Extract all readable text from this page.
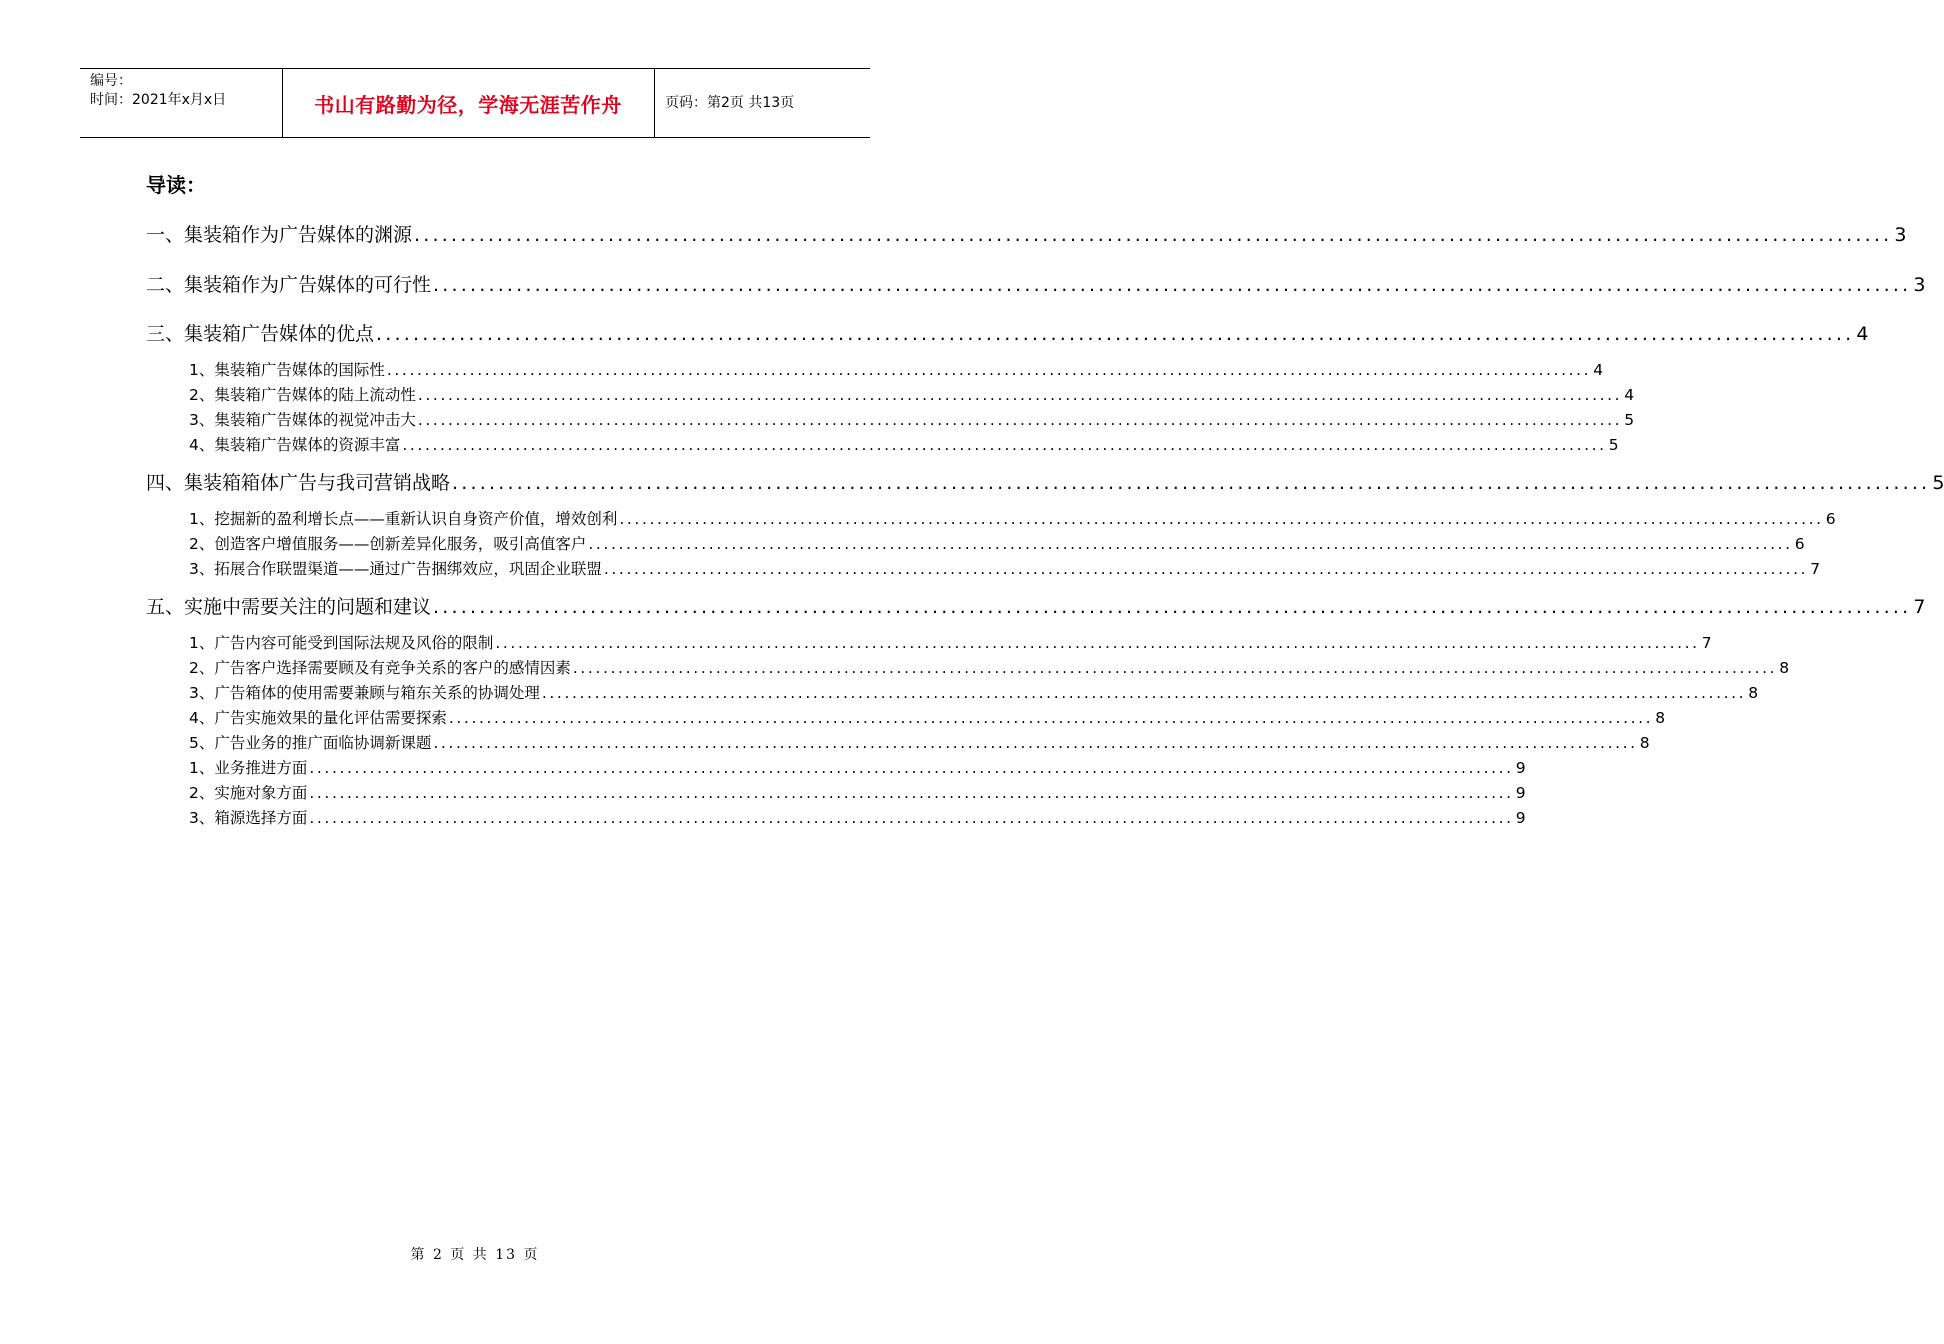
编号：
时间：2021年x月x日	书山有路勤为径，学海无涯苦作舟	页码：第2页 共13页
导读：
一、集装箱作为广告媒体的渊源 ................................................................................................................................................................ 3
二、集装箱作为广告媒体的可行性 ................................................................................................................................................................ 3
三、集装箱广告媒体的优点 ................................................................................................................................................................ 4
1、集装箱广告媒体的国际性 ................................................................................................................................................................ 4
2、集装箱广告媒体的陆上流动性 ................................................................................................................................................................ 4
3、集装箱广告媒体的视觉冲击大 ................................................................................................................................................................ 5
4、集装箱广告媒体的资源丰富 ................................................................................................................................................................ 5
四、集装箱箱体广告与我司营销战略 ................................................................................................................................................................ 5
1、挖掘新的盈利增长点——重新认识自身资产价值，增效创利 ................................................................................................................................................................ 6
2、创造客户增值服务——创新差异化服务，吸引高值客户 ................................................................................................................................................................ 6
3、拓展合作联盟渠道——通过广告捆绑效应，巩固企业联盟 ................................................................................................................................................................ 7
五、实施中需要关注的问题和建议 ................................................................................................................................................................ 7
1、广告内容可能受到国际法规及风俗的限制 ................................................................................................................................................................ 7
2、广告客户选择需要顾及有竞争关系的客户的感情因素 ................................................................................................................................................................ 8
3、广告箱体的使用需要兼顾与箱东关系的协调处理 ................................................................................................................................................................ 8
4、广告实施效果的量化评估需要探索 ................................................................................................................................................................ 8
5、广告业务的推广面临协调新课题 ................................................................................................................................................................ 8
1、业务推进方面 ................................................................................................................................................................ 9
2、实施对象方面 ................................................................................................................................................................ 9
3、箱源选择方面 ................................................................................................................................................................ 9
第 2 页 共 13 页
